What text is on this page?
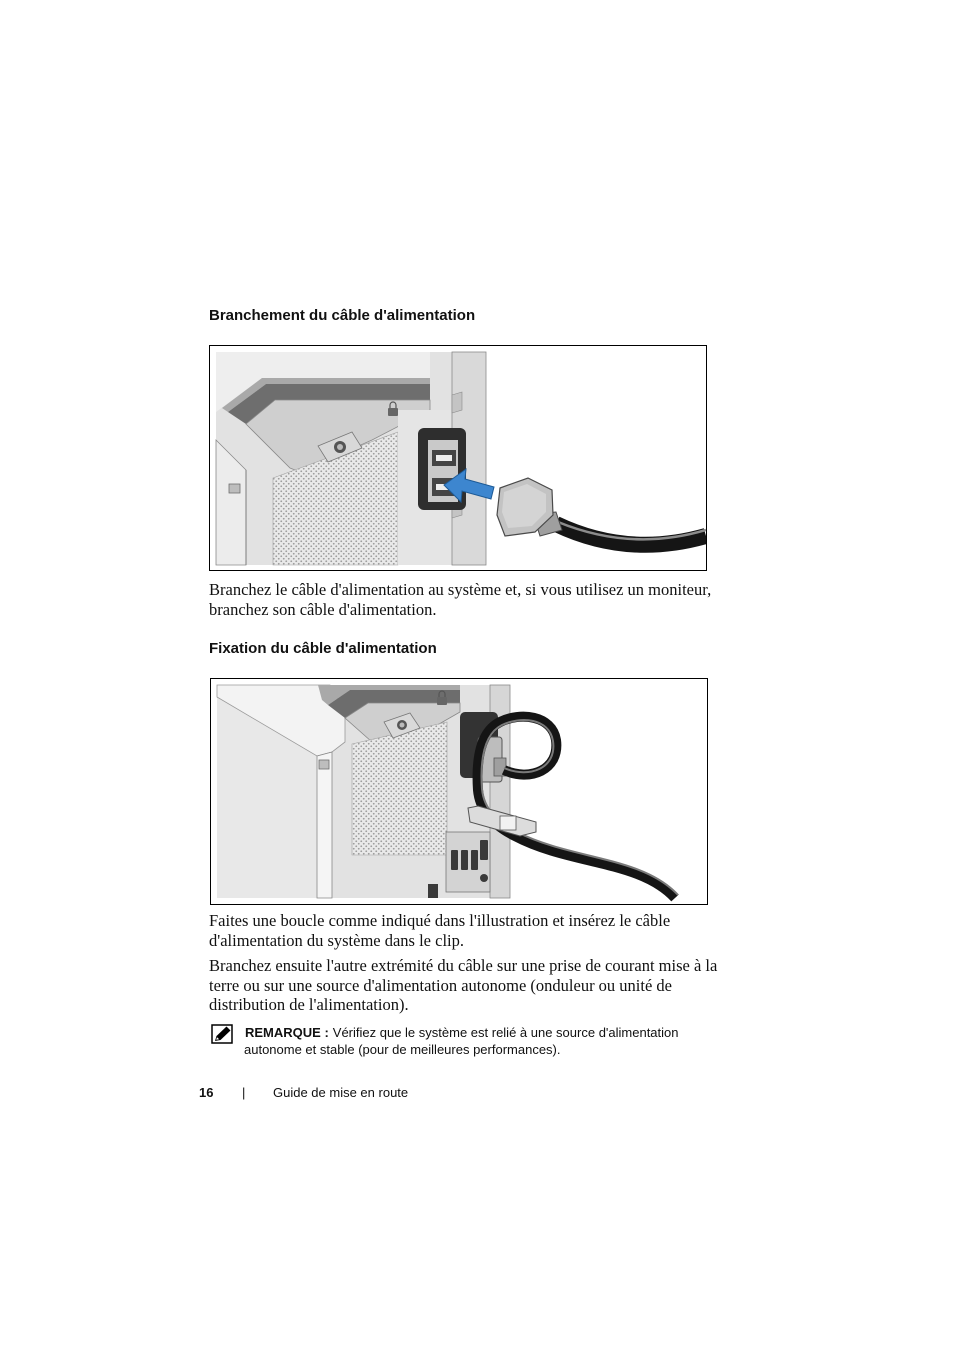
Branchement du câble d'alimentation
Branchez le câble d'alimentation au système et, si vous utilisez un moniteur,
branchez son câble d'alimentation.
Fixation du câble d'alimentation
Faites une boucle comme indiqué dans l'illustration et insérez le câble
d'alimentation du système dans le clip.
Branchez ensuite l'autre extrémité du câble sur une prise de courant mise à la
terre ou sur une source d'alimentation autonome (onduleur ou unité de
distribution de l'alimentation).
REMARQUE : Vérifiez que le système est relié à une source d'alimentation
autonome et stable (pour de meilleures performances).
16 | Guide de mise en route
